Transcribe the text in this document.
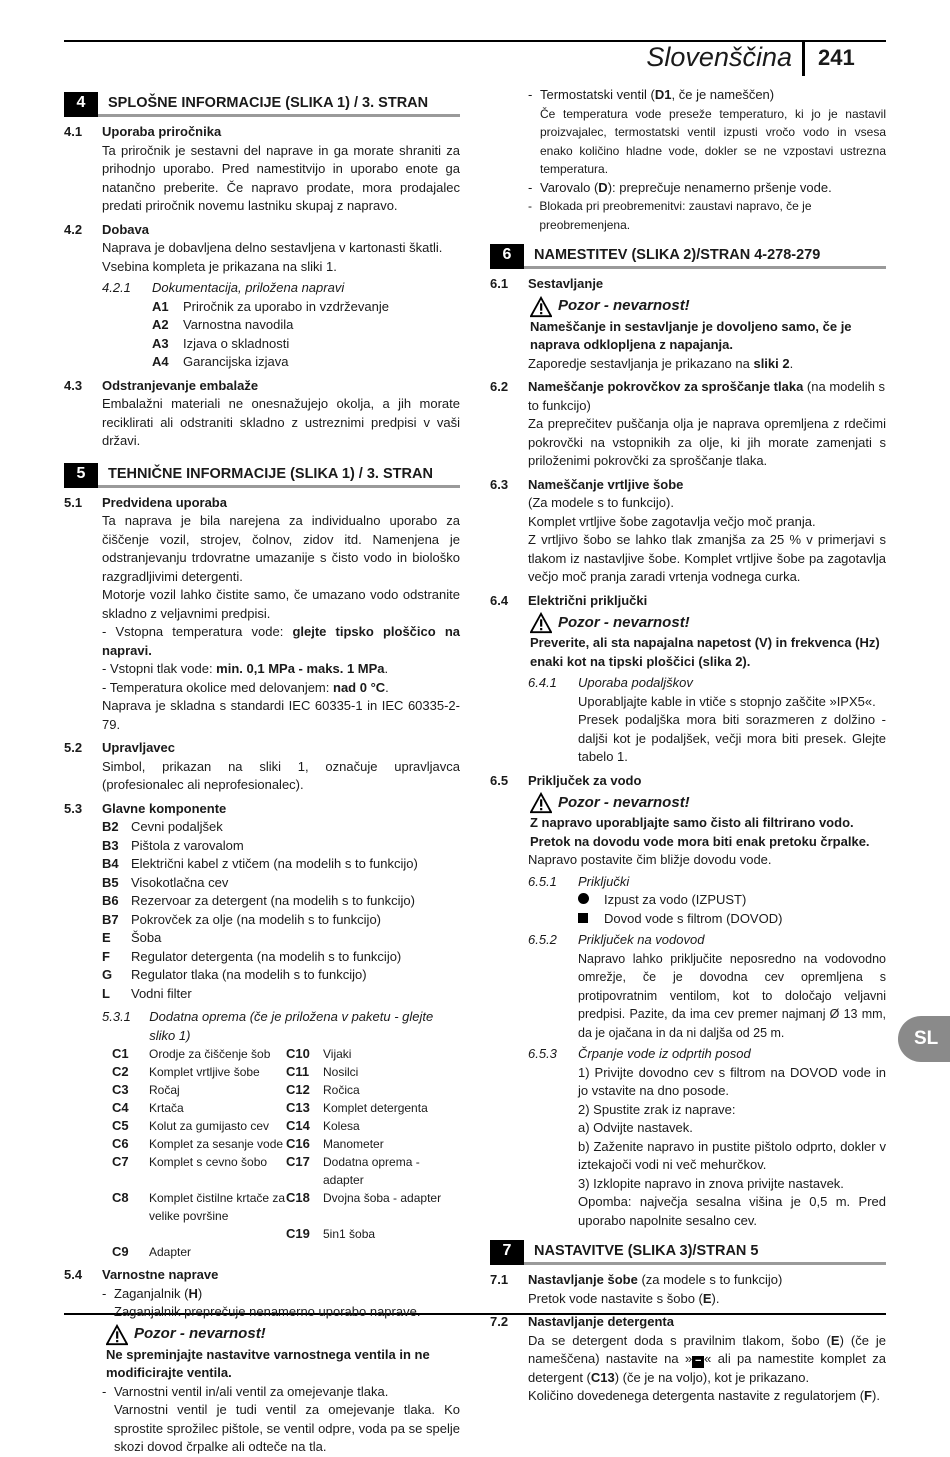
Slovenščina 241
SL
4	SPLOŠNE INFORMACIJE (SLIKA 1) / 3. STRAN
4.1	Uporaba priročnika
Ta priročnik je sestavni del naprave in ga morate shraniti za prihodnjo uporabo. Pred namestitvijo in uporabo enote ga natančno preberite. Če napravo prodate, mora prodajalec predati priročnik novemu lastniku skupaj z napravo.
4.2	Dobava
Naprava je dobavljena delno sestavljena v kartonasti škatli.
Vsebina kompleta je prikazana na sliki 1.
4.2.1	Dokumentacija, priložena napravi
A1	Priročnik za uporabo in vzdrževanje
A2	Varnostna navodila
A3	Izjava o skladnosti
A4	Garancijska izjava
4.3	Odstranjevanje embalaže
Embalažni materiali ne onesnažujejo okolja, a jih morate reciklirati ali odstraniti skladno z ustreznimi predpisi v vaši državi.
5	TEHNIČNE INFORMACIJE (SLIKA 1) / 3. STRAN
5.1	Predvidena uporaba
Ta naprava je bila narejena za individualno uporabo za čiščenje vozil, strojev, čolnov, zidov itd. Namenjena je odstranjevanju trdovratne umazanije s čisto vodo in biološko razgradljivimi detergenti.
Motorje vozil lahko čistite samo, če umazano vodo odstranite skladno z veljavnimi predpisi.
- Vstopna temperatura vode: glejte tipsko ploščico na napravi.
- Vstopni tlak vode: min. 0,1 MPa - maks. 1 MPa.
- Temperatura okolice med delovanjem: nad 0 °C.
Naprava je skladna s standardi IEC 60335-1 in IEC 60335-2-79.
5.2	Upravljavec
Simbol, prikazan na sliki 1, označuje upravljavca (profesionalec ali neprofesionalec).
5.3	Glavne komponente
B2 Cevni podaljšek
B3 Pištola z varovalom
B4 Električni kabel z vtičem (na modelih s to funkcijo)
B5 Visokotlačna cev
B6 Rezervoar za detergent (na modelih s to funkcijo)
B7 Pokrovček za olje (na modelih s to funkcijo)
E	Šoba
F	Regulator detergenta (na modelih s to funkcijo)
G	Regulator tlaka (na modelih s to funkcijo)
L	Vodni filter
5.3.1	Dodatna oprema (če je priložena v paketu - glejte sliko 1)
C1	Orodje za čiščenje šob	C10	Vijaki
C2	Komplet vrtljive šobe	C11	Nosilci
C3	Ročaj	C12	Ročica
C4	Krtača	C13	Komplet detergenta
C5	Kolut za gumijasto cev	C14	Kolesa
C6	Komplet za sesanje vode C16	Manometer
C7	Komplet s cevno šobo	C17	Dodatna oprema - adapter
C8	Komplet čistilne krtače za velike površine
C18	Dvojna šoba - adapter
C19	5in1 šoba
C9	Adapter
5.4	Varnostne naprave
- Zaganjalnik (H)
Zaganjalnik preprečuje nenamerno uporabo naprave.
Pozor - nevarnost!
Ne spreminjajte nastavitve varnostnega ventila in ne modificirajte ventila.
- Varnostni ventil in/ali ventil za omejevanje tlaka.
Varnostni ventil je tudi ventil za omejevanje tlaka. Ko sprostite sprožilec pištole, se ventil odpre, voda pa se spelje skozi dovod črpalke ali odteče na tla.
- Termostatski ventil (D1, če je nameščen)
Če temperatura vode preseže temperaturo, ki jo je nastavil proizvajalec, termostatski ventil izpusti vročo vodo in vsesa enako količino hladne vode, dokler se ne vzpostavi ustrezna temperatura.
- Varovalo (D): preprečuje nenamerno pršenje vode.
- Blokada pri preobremenitvi: zaustavi napravo, če je preobremenjena.
6	NAMESTITEV (SLIKA 2)/STRAN 4-278-279
6.1	Sestavljanje
Pozor - nevarnost!
Nameščanje in sestavljanje je dovoljeno samo, če je naprava odklopljena z napajanja.
Zaporedje sestavljanja je prikazano na sliki 2.
6.2	Nameščanje pokrovčkov za sproščanje tlaka (na modelih s to funkcijo)
Za preprečitev puščanja olja je naprava opremljena z rdečimi pokrovčki na vstopnikih za olje, ki jih morate zamenjati s priloženimi pokrovčki za sproščanje tlaka.
6.3	Nameščanje vrtljive šobe
(Za modele s to funkcijo).
Komplet vrtljive šobe zagotavlja večjo moč pranja.
Z vrtljivo šobo se lahko tlak zmanjša za 25 % v primerjavi s tlakom iz nastavljive šobe. Komplet vrtljive šobe pa zagotavlja večjo moč pranja zaradi vrtenja vodnega curka.
6.4	Električni priključki
Pozor - nevarnost!
Preverite, ali sta napajalna napetost (V) in frekvenca (Hz) enaki kot na tipski ploščici (slika 2).
6.4.1	Uporaba podaljškov
Uporabljajte kable in vtiče s stopnjo zaščite »IPX5«.
Presek podaljška mora biti sorazmeren z dolžino - daljši kot je podaljšek, večji mora biti presek. Glejte tabelo 1.
6.5	Priključek za vodo
Pozor - nevarnost!
Z napravo uporabljajte samo čisto ali filtrirano vodo.
Pretok na dovodu vode mora biti enak pretoku črpalke.
Napravo postavite čim bližje dovodu vode.
6.5.1	Priključki
Izpust za vodo (IZPUST)
Dovod vode s filtrom (DOVOD)
6.5.2	Priključek na vodovod
Napravo lahko priključite neposredno na vodovodno omrežje, če je dovodna cev opremljena s protipovratnim ventilom, kot to določajo veljavni predpisi. Pazite, da ima cev premer najmanj Ø 13 mm, da je ojačana in da ni daljša od 25 m.
6.5.3	Črpanje vode iz odprtih posod
1) Privijte dovodno cev s filtrom na DOVOD vode in jo vstavite na dno posode.
2) Spustite zrak iz naprave:
a) Odvijte nastavek.
b) Zaženite napravo in pustite pištolo odprto, dokler v iztekajoči vodi ni več mehurčkov.
3) Izklopite napravo in znova privijte nastavek.
Opomba: največja sesalna višina je 0,5 m. Pred uporabo napolnite sesalno cev.
7	NASTAVITVE (SLIKA 3)/STRAN 5
7.1	Nastavljanje šobe (za modele s to funkcijo)
Pretok vode nastavite s šobo (E).
7.2	Nastavljanje detergenta
Da se detergent doda s pravilnim tlakom, šobo (E) (če je nameščena) nastavite na » − « ali pa namestite komplet za detergent (C13) (če je na voljo), kot je prikazano.
Količino dovedenega detergenta nastavite z regulatorjem (F).
